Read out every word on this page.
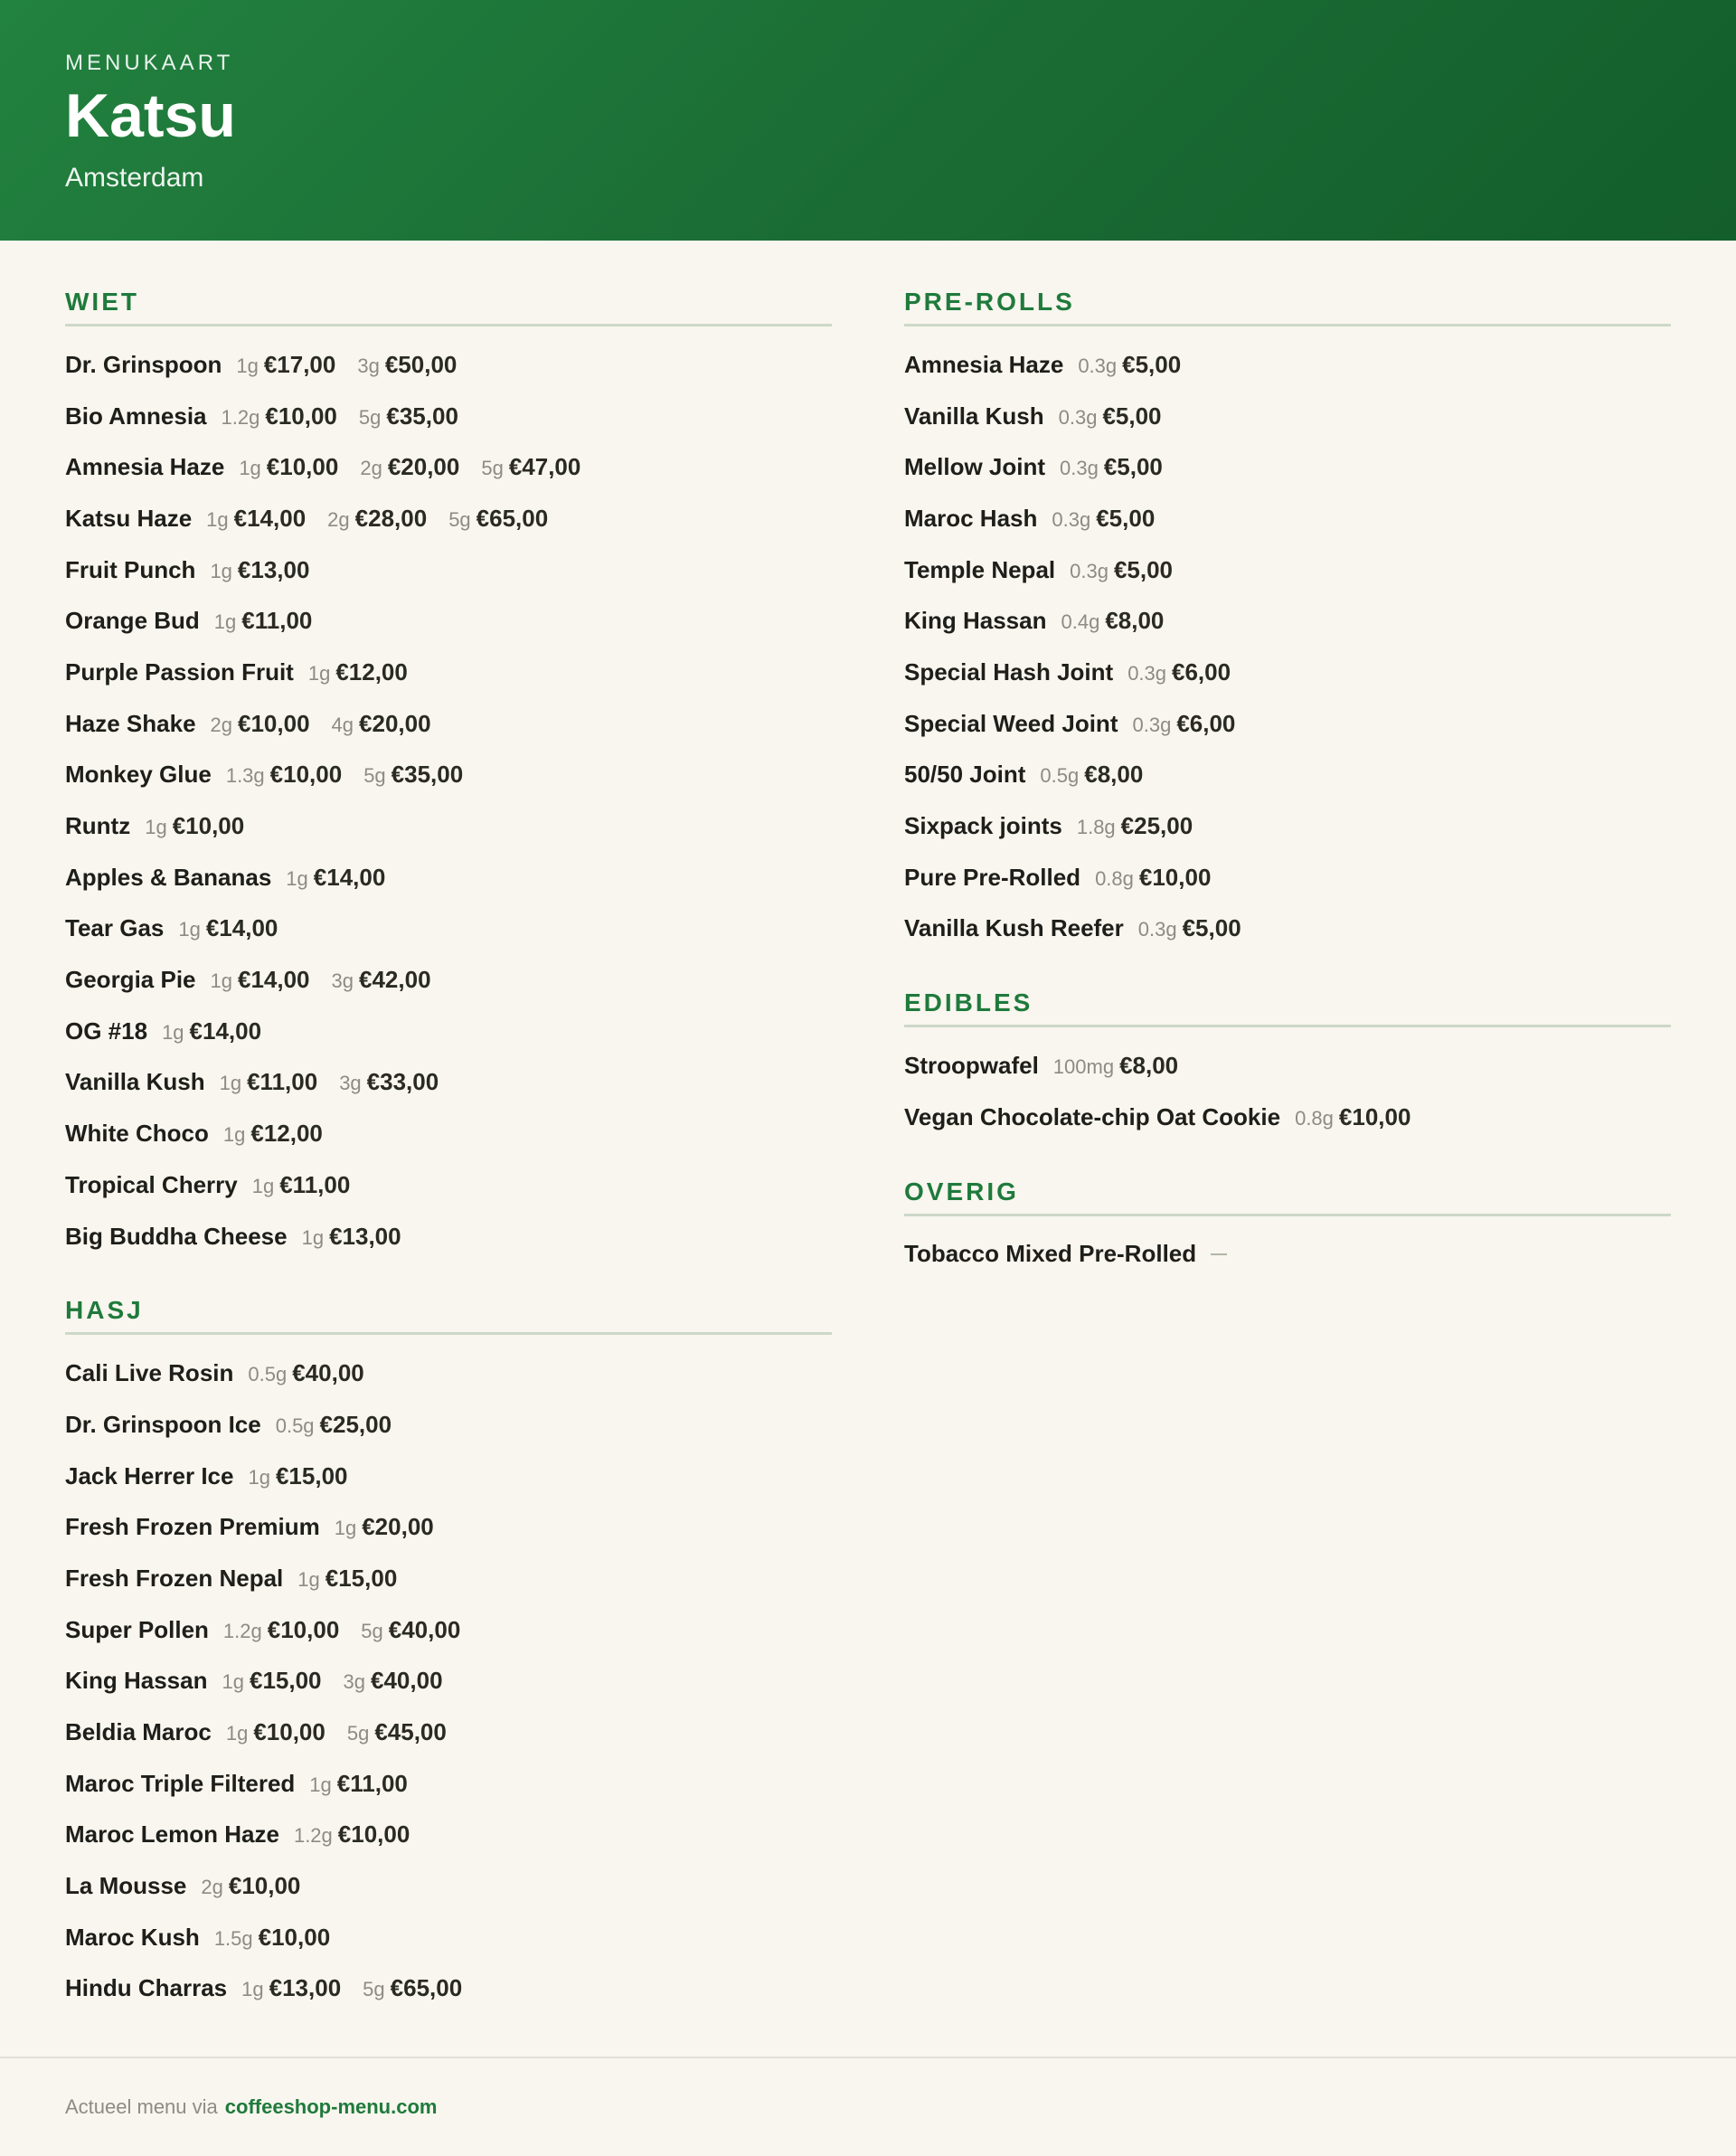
MENUKAART
Katsu
Amsterdam
WIET
Dr. Grinspoon 1g €17,00 3g €50,00
Bio Amnesia 1.2g €10,00 5g €35,00
Amnesia Haze 1g €10,00 2g €20,00 5g €47,00
Katsu Haze 1g €14,00 2g €28,00 5g €65,00
Fruit Punch 1g €13,00
Orange Bud 1g €11,00
Purple Passion Fruit 1g €12,00
Haze Shake 2g €10,00 4g €20,00
Monkey Glue 1.3g €10,00 5g €35,00
Runtz 1g €10,00
Apples & Bananas 1g €14,00
Tear Gas 1g €14,00
Georgia Pie 1g €14,00 3g €42,00
OG #18 1g €14,00
Vanilla Kush 1g €11,00 3g €33,00
White Choco 1g €12,00
Tropical Cherry 1g €11,00
Big Buddha Cheese 1g €13,00
HASJ
Cali Live Rosin 0.5g €40,00
Dr. Grinspoon Ice 0.5g €25,00
Jack Herrer Ice 1g €15,00
Fresh Frozen Premium 1g €20,00
Fresh Frozen Nepal 1g €15,00
Super Pollen 1.2g €10,00 5g €40,00
King Hassan 1g €15,00 3g €40,00
Beldia Maroc 1g €10,00 5g €45,00
Maroc Triple Filtered 1g €11,00
Maroc Lemon Haze 1.2g €10,00
La Mousse 2g €10,00
Maroc Kush 1.5g €10,00
Hindu Charras 1g €13,00 5g €65,00
PRE-ROLLS
Amnesia Haze 0.3g €5,00
Vanilla Kush 0.3g €5,00
Mellow Joint 0.3g €5,00
Maroc Hash 0.3g €5,00
Temple Nepal 0.3g €5,00
King Hassan 0.4g €8,00
Special Hash Joint 0.3g €6,00
Special Weed Joint 0.3g €6,00
50/50 Joint 0.5g €8,00
Sixpack joints 1.8g €25,00
Pure Pre-Rolled 0.8g €10,00
Vanilla Kush Reefer 0.3g €5,00
EDIBLES
Stroopwafel 100mg €8,00
Vegan Chocolate-chip Oat Cookie 0.8g €10,00
OVERIG
Tobacco Mixed Pre-Rolled
Actueel menu via coffeeshop-menu.com
